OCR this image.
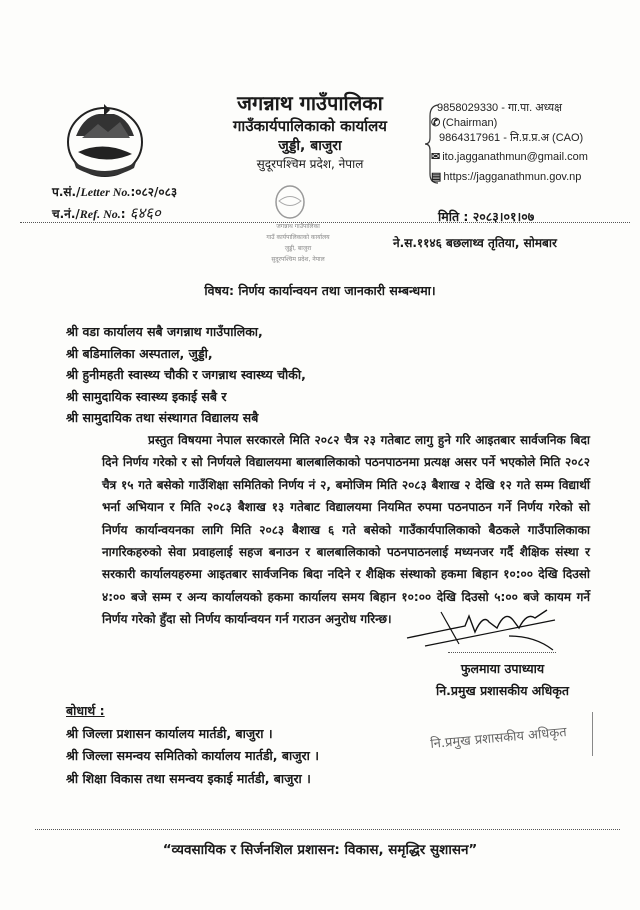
जगन्नाथ गाउँपालिका
गाउँकार्यपालिकाको कार्यालय
जुड्डी, बाजुरा
सुदूरपश्चिम प्रदेश, नेपाल
9858029330 - गा.पा. अध्यक्ष
✆ (Chairman)
9864317961 - नि.प्र.प्र.अ (CAO)
✉ ito.jagganathmun@gmail.com
▤ https://jagganathmun.gov.np
प.सं./Letter No.:०८२/०८३
च.नं./Ref. No.: ६४६०
जगन्नाथ गाउँपालिका
गाउँ कार्यपालिकाको कार्यालय
जुड्डी, बाजुरा
सुदूरपश्चिम प्रदेश, नेपाल
मिति : २०८३।०१।०७
ने.स.११४६ बछलाथ्व तृतिया, सोमबार
विषय: निर्णय कार्यान्वयन तथा जानकारी सम्बन्धमा।
श्री वडा कार्यालय सबै जगन्नाथ गाउँपालिका,
श्री बडिमालिका अस्पताल, जुड्डी,
श्री हुनीमहती स्वास्थ्य चौकी र जगन्नाथ स्वास्थ्य चौकी,
श्री सामुदायिक स्वास्थ्य इकाई सबै र
श्री सामुदायिक तथा संस्थागत विद्यालय सबै

प्रस्तुत विषयमा नेपाल सरकारले मिति २०८२ चैत्र २३ गतेबाट लागु हुने गरि आइतबार सार्वजनिक बिदा दिने निर्णय गरेको र सो निर्णयले विद्यालयमा बालबालिकाको पठनपाठनमा प्रत्यक्ष असर पर्ने भएकोले मिति २०८२ चैत्र १५ गते बसेको गाउँशिक्षा समितिको निर्णय नं २, बमोजिम मिति २०८३ बैशाख २ देखि १२ गते सम्म विद्यार्थी भर्ना अभियान र मिति २०८३ बैशाख १३ गतेबाट विद्यालयमा नियमित रुपमा पठनपाठन गर्ने निर्णय गरेको सो निर्णय कार्यान्वयनका लागि मिति २०८३ बैशाख ६ गते बसेको गाउँकार्यपालिकाको बैठकले गाउँपालिकाका नागरिकहरुको सेवा प्रवाहलाई सहज बनाउन र बालबालिकाको पठनपाठनलाई मध्यनजर गर्दै शैक्षिक संस्था र सरकारी कार्यालयहरुमा आइतबार सार्वजनिक बिदा नदिने र शैक्षिक संस्थाको हकमा बिहान १०:०० देखि दिउसो ४:०० बजे सम्म र अन्य कार्यालयको हकमा कार्यालय समय बिहान १०:०० देखि दिउसो ५:०० बजे कायम गर्ने निर्णय गरेको हुँदा सो निर्णय कार्यान्वयन गर्न गराउन अनुरोध गरिन्छ।

फुलमाया उपाध्याय
नि.प्रमुख प्रशासकीय अधिकृत
नि.प्रमुख प्रशासकीय अधिकृत
बोधार्थ :
श्री जिल्ला प्रशासन कार्यालय मार्तडी, बाजुरा ।
श्री जिल्ला समन्वय समितिको कार्यालय मार्तडी, बाजुरा ।
श्री शिक्षा विकास तथा समन्वय इकाई मार्तडी, बाजुरा ।
“व्यवसायिक र सिर्जनशिल प्रशासन: विकास, समृद्धिर सुशासन”
